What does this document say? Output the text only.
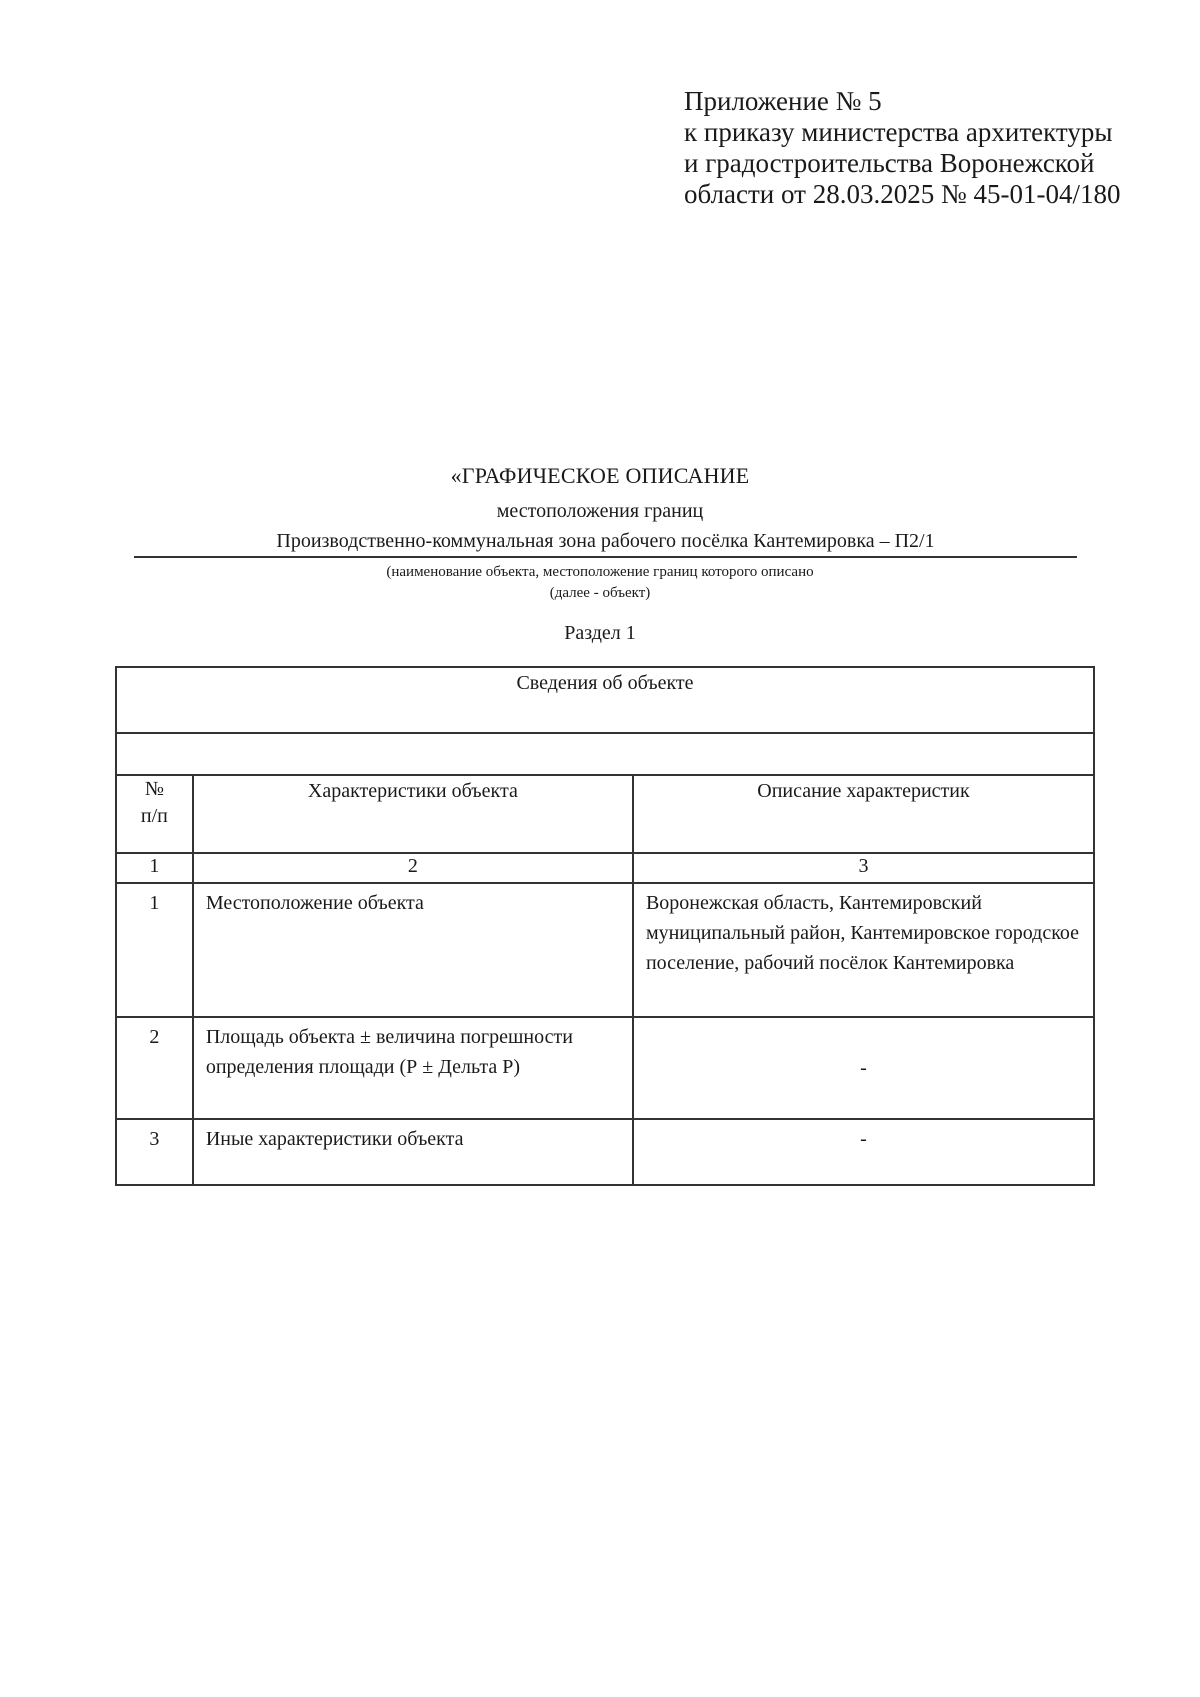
Приложение № 5
к приказу министерства архитектуры
и градостроительства Воронежской
области от 28.03.2025 № 45-01-04/180
«ГРАФИЧЕСКОЕ ОПИСАНИЕ
местоположения границ
Производственно-коммунальная зона рабочего посёлка Кантемировка – П2/1
(наименование объекта, местоположение границ которого описано
(далее - объект)
Раздел 1
Сведения об объекте		

№
п/п	Характеристики объекта	Описание характеристик
1	2	3
1	Местоположение объекта	Воронежская область, Кантемировский муниципальный район, Кантемировское городское поселение, рабочий посёлок Кантемировка
2	Площадь объекта ± величина погрешности определения площади (Р ± Дельта Р)	-
3	Иные характеристики объекта	-
